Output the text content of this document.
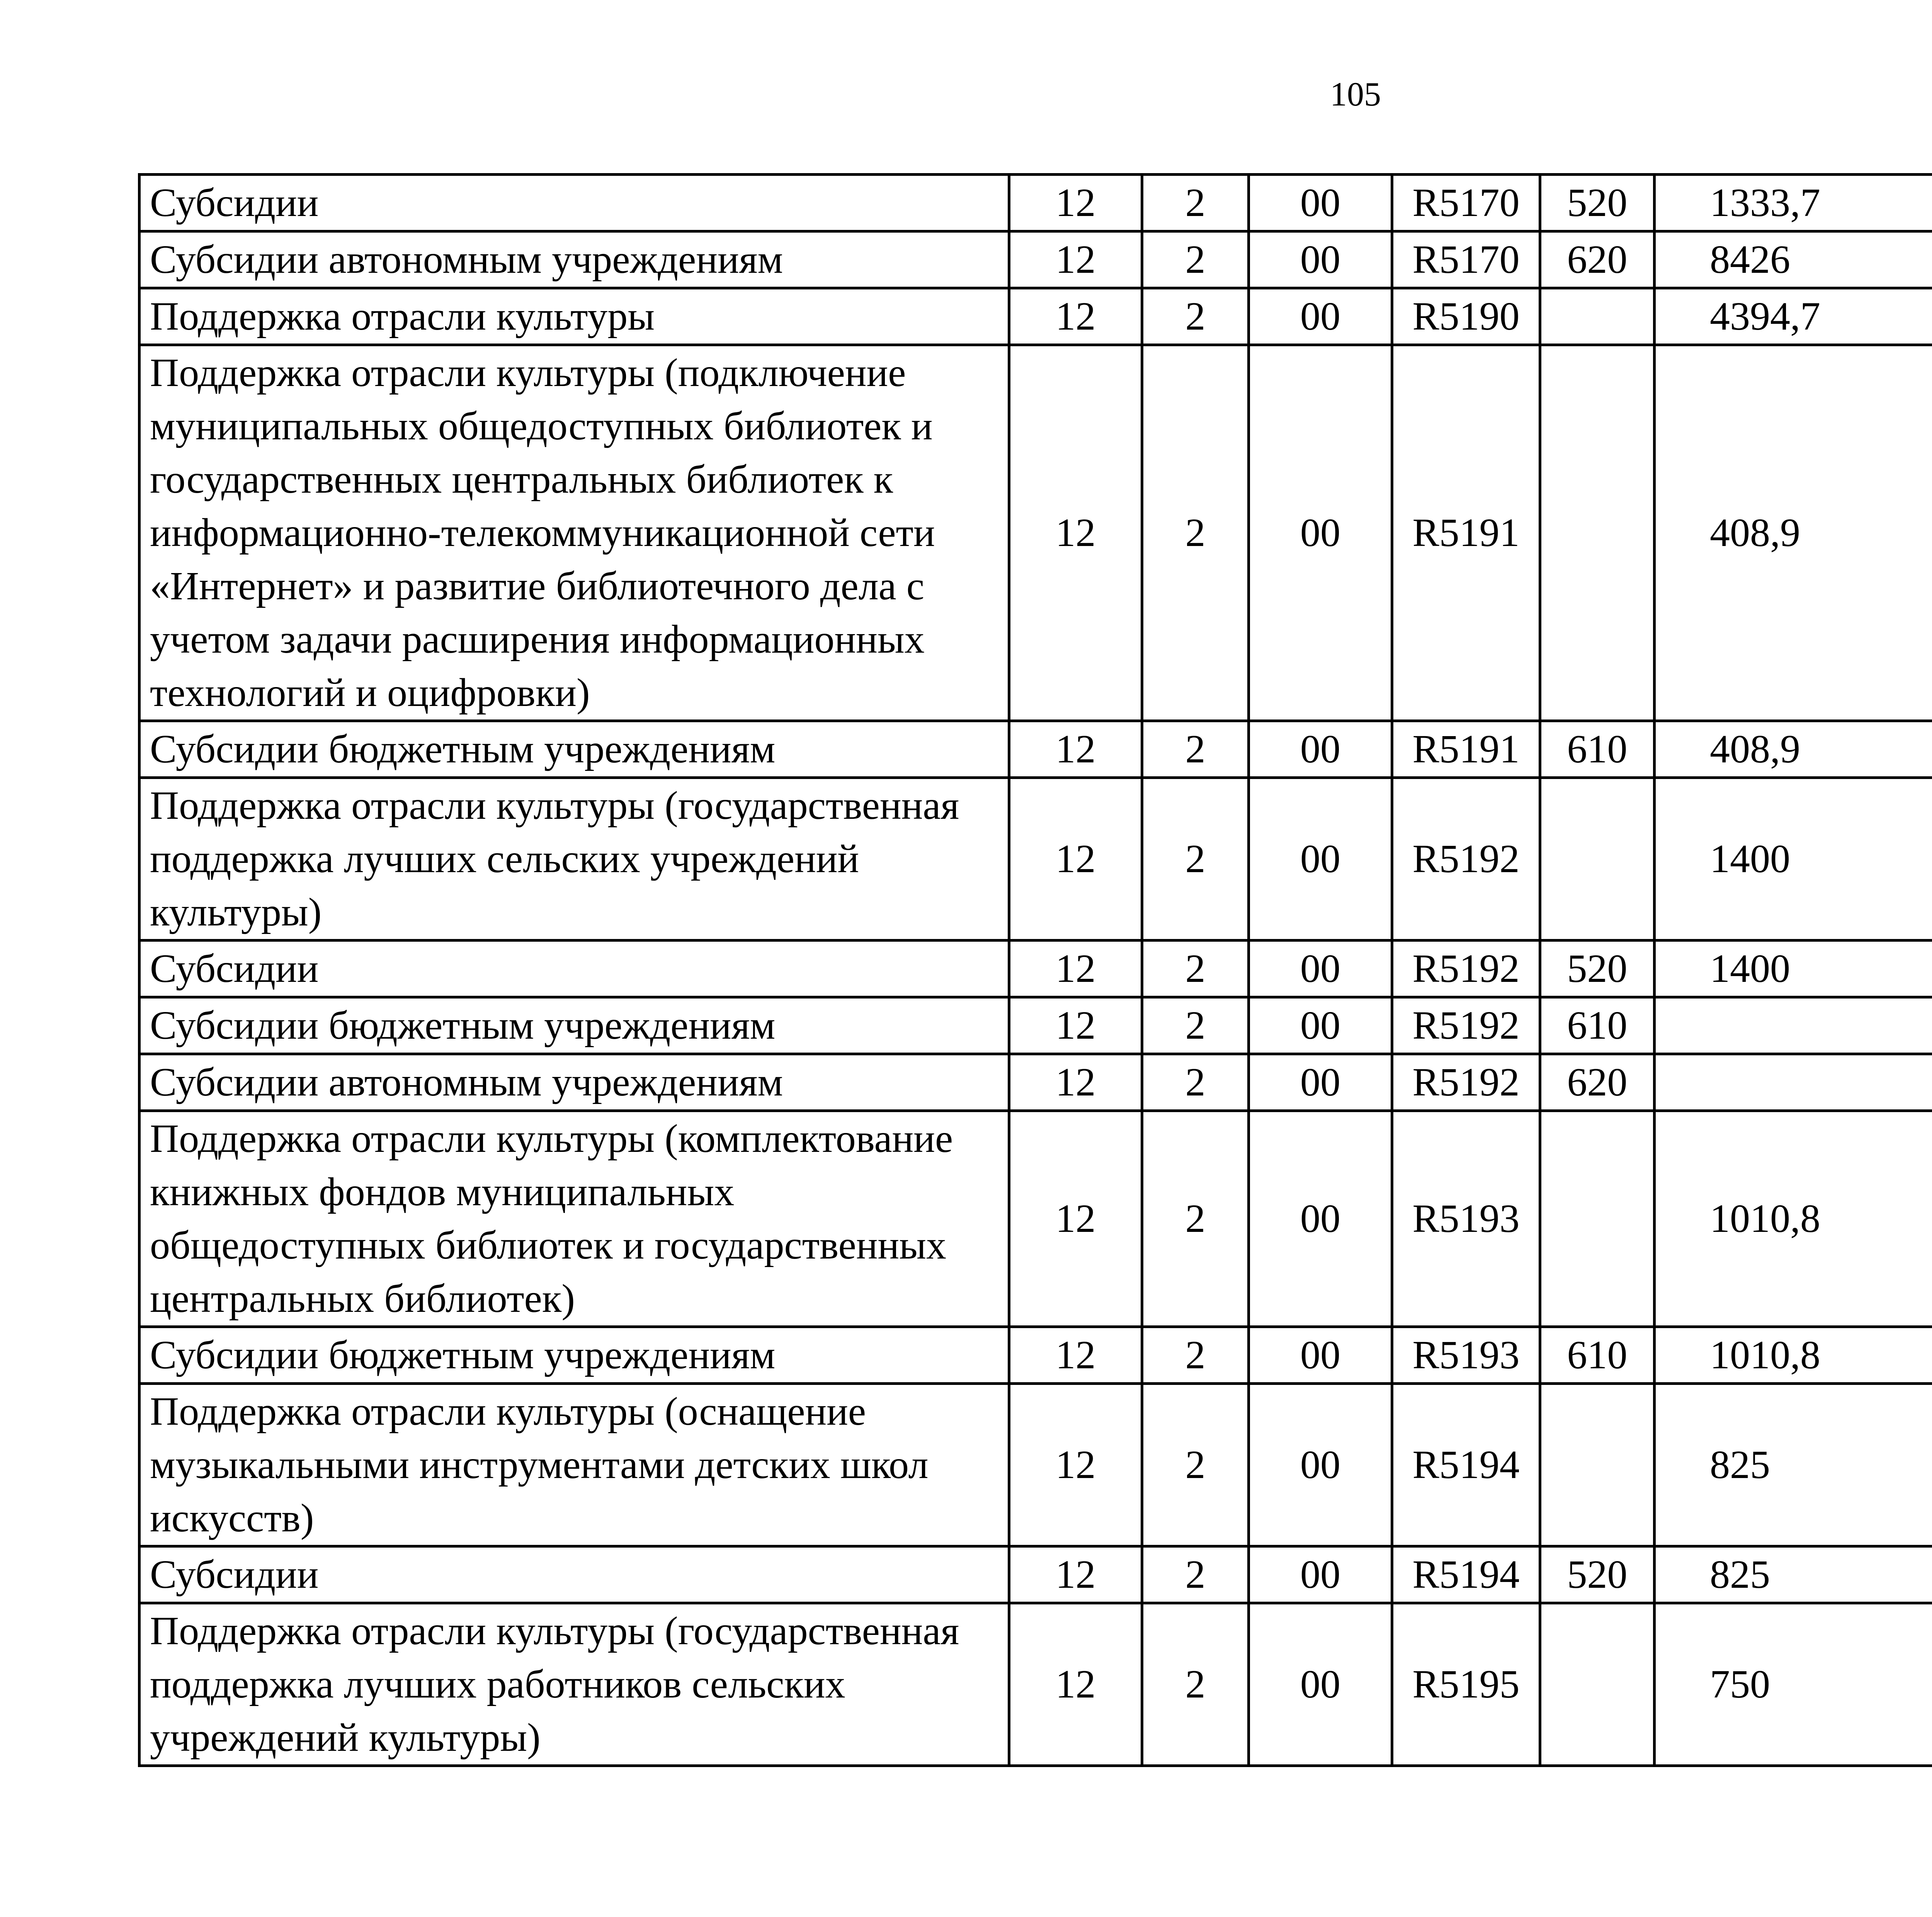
105
Субсидии	12	2	00	R5170	520	1333,7		
Субсидии автономным учреждениям	12	2	00	R5170	620	8426		
Поддержка отрасли культуры	12	2	00	R5190		4394,7		
Поддержка отрасли культуры (подключение муниципальных общедоступных библиотек и государственных центральных библиотек к информационно-телекоммуникационной сети «Интернет» и развитие библиотечного дела с учетом задачи расширения информационных технологий и оцифровки)	12	2	00	R5191		408,9		
Субсидии бюджетным учреждениям	12	2	00	R5191	610	408,9		
Поддержка отрасли культуры (государственная поддержка лучших сельских учреждений культуры)	12	2	00	R5192		1400		
Субсидии	12	2	00	R5192	520	1400		
Субсидии бюджетным учреждениям	12	2	00	R5192	610			
Субсидии автономным учреждениям	12	2	00	R5192	620			
Поддержка отрасли культуры (комплектование книжных фондов муниципальных общедоступных библиотек и государственных центральных библиотек)	12	2	00	R5193		1010,8		
Субсидии бюджетным учреждениям	12	2	00	R5193	610	1010,8		
Поддержка отрасли культуры (оснащение музыкальными инструментами детских школ искусств)	12	2	00	R5194		825		
Субсидии	12	2	00	R5194	520	825		
Поддержка отрасли культуры (государственная поддержка лучших работников сельских учреждений культуры)	12	2	00	R5195		750		
